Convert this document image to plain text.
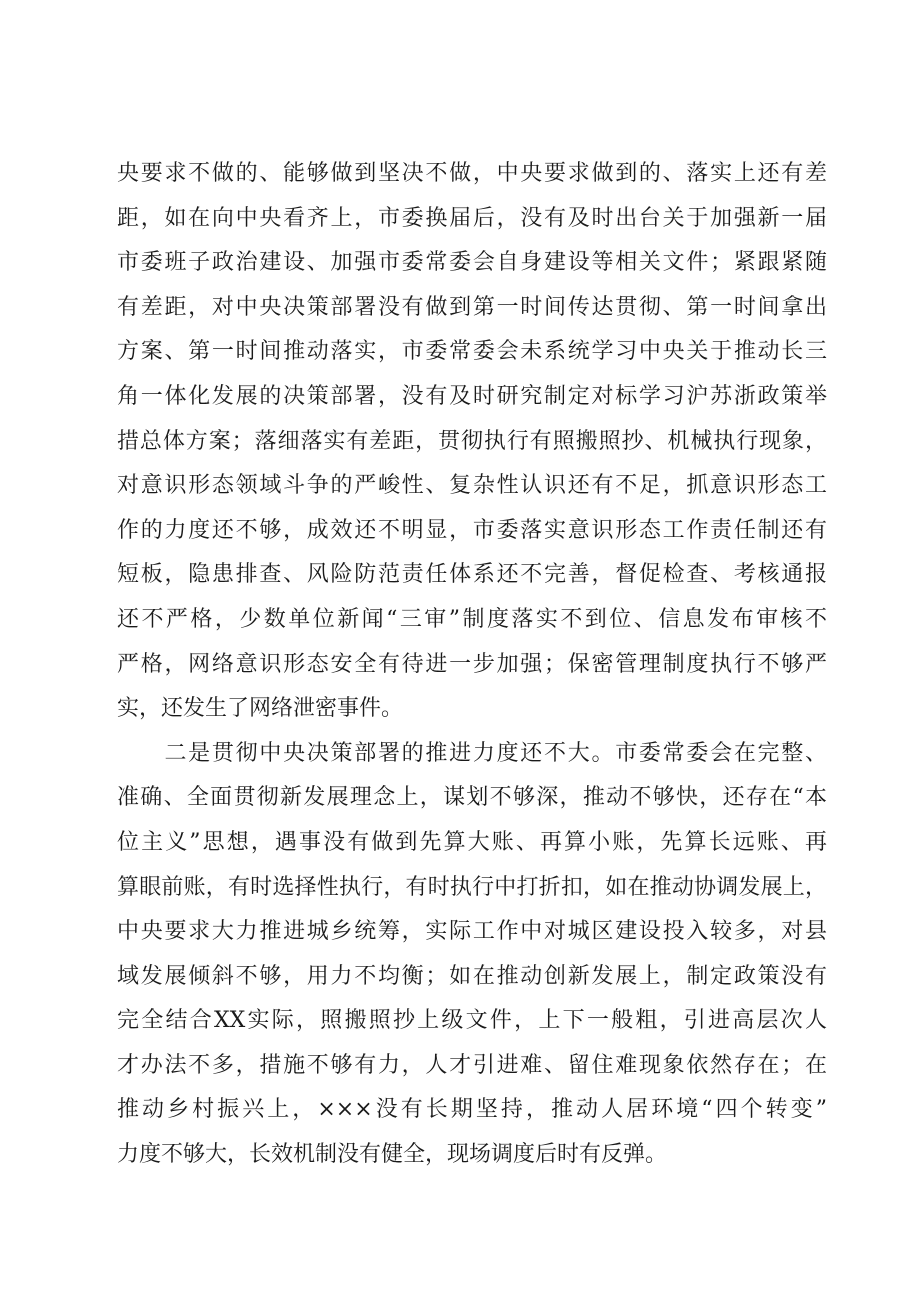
央要求不做的、能够做到坚决不做，中央要求做到的、落实上还有差
距，如在向中央看齐上，市委换届后，没有及时出台关于加强新一届
市委班子政治建设、加强市委常委会自身建设等相关文件；紧跟紧随
有差距，对中央决策部署没有做到第一时间传达贯彻、第一时间拿出
方案、第一时间推动落实，市委常委会未系统学习中央关于推动长三
角一体化发展的决策部署，没有及时研究制定对标学习沪苏浙政策举
措总体方案；落细落实有差距，贯彻执行有照搬照抄、机械执行现象，
对意识形态领域斗争的严峻性、复杂性认识还有不足，抓意识形态工
作的力度还不够，成效还不明显，市委落实意识形态工作责任制还有
短板，隐患排查、风险防范责任体系还不完善，督促检查、考核通报
还不严格，少数单位新闻“三审”制度落实不到位、信息发布审核不
严格，网络意识形态安全有待进一步加强；保密管理制度执行不够严
实，还发生了网络泄密事件。
　　二是贯彻中央决策部署的推进力度还不大。市委常委会在完整、
准确、全面贯彻新发展理念上，谋划不够深，推动不够快，还存在“本
位主义”思想，遇事没有做到先算大账、再算小账，先算长远账、再
算眼前账，有时选择性执行，有时执行中打折扣，如在推动协调发展上，
中央要求大力推进城乡统筹，实际工作中对城区建设投入较多，对县
域发展倾斜不够，用力不均衡；如在推动创新发展上，制定政策没有
完全结合XX实际，照搬照抄上级文件，上下一般粗，引进高层次人
才办法不多，措施不够有力，人才引进难、留住难现象依然存在；在
推动乡村振兴上，×××没有长期坚持，推动人居环境“四个转变”
力度不够大，长效机制没有健全，现场调度后时有反弹。
